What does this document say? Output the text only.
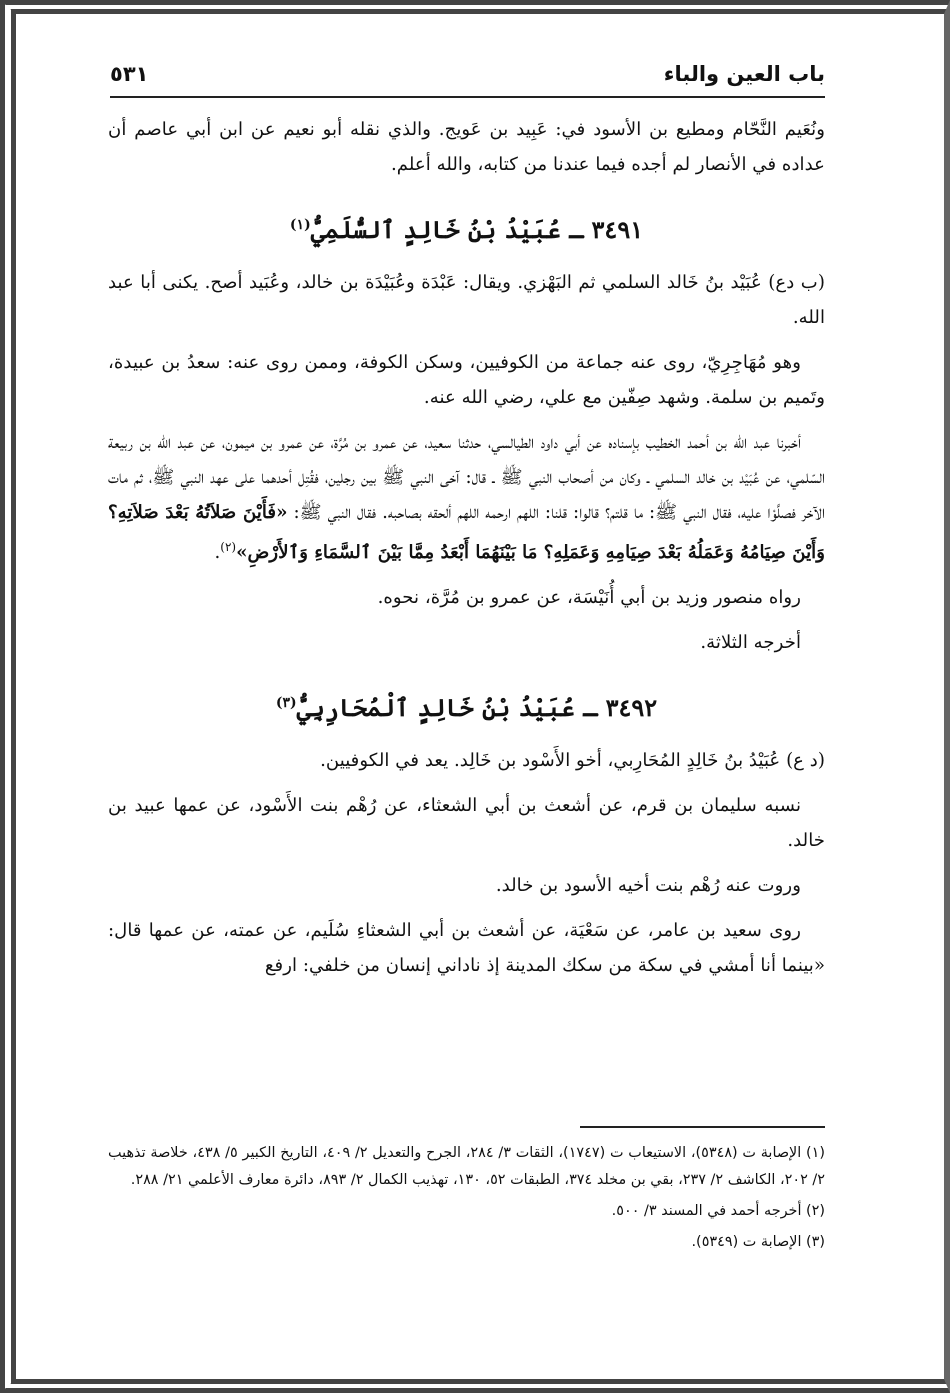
باب العين والباء
٥٣١

ونُعَيم النَّحّام ومطيع بن الأسود في: عَبِيد بن عَويج. والذي نقله أبو نعيم عن ابن أبي عاصم أن عداده في الأنصار لم أجده فيما عندنا من كتابه، والله أعلم.

٣٤٩١ ـ عُبَيْدُ بْنُ خَالِدٍ ٱلسُّلَمِيُّ$^{(١)}$

(ب دع) عُبَيْد بنُ خَالد السلمي ثم البَهْزي. ويقال: عَبْدَة وعُبَيْدَة بن خالد، وعُبَيد أصح. يكنى أبا عبد الله.

وهو مُهَاجِرِيّ، روى عنه جماعة من الكوفيين، وسكن الكوفة، وممن روى عنه: سعدُ بن عبيدة، وتَميم بن سلمة. وشهد صِفّين مع علي، رضي الله عنه.

أخبرنا عبد الله بن أحمد الخطيب بإسناده عن أبي داود الطيالسي، حدثنا سعيد، عن عمرو بن مُرَّة، عن عمرو بن ميمون، عن عبد الله بن ربيعة السّلمي، عن عُبَيْد بن خالد السلمي ـ وكان من أصحاب النبي ﷺ ـ قال: آخى النبي ﷺ بين رجلين، فقُتِل أحدهما على عهد النبي ﷺ، ثم مات الآخر فصلَّوْا عليه، فقال النبي ﷺ: ما قلتم؟ قالوا: قلنا: اللهم ارحمه اللهم ألحقه بصاحبه. فقال النبي ﷺ: «فَأَيْنَ صَلاَتُهُ بَعْدَ صَلاَتِهِ؟ وَأَيْنَ صِيَامُهُ وَعَمَلُهُ بَعْدَ صِيَامِهِ وَعَمَلِهِ؟ مَا بَيْنَهُمَا أَبْعَدُ مِمَّا بَيْنَ ٱلسَّمَاءِ وَٱلأَرْضِ»$^{(٢)}$.

رواه منصور وزيد بن أبي أُنَيْسَة، عن عمرو بن مُرَّة، نحوه.

أخرجه الثلاثة.

٣٤٩٢ ـ عُبَيْدُ بْنُ خَالِدٍ ٱلْمُحَارِبِيُّ$^{(٣)}$

(د ع) عُبَيْدُ بنُ خَالِدٍ المُحَارِبي، أخو الأَسْود بن خَالِد. يعد في الكوفيين.

نسبه سليمان بن قرم، عن أشعث بن أبي الشعثاء، عن رُهْم بنت الأَسْود، عن عمها عبيد بن خالد.

وروت عنه رُهْم بنت أخيه الأسود بن خالد.

روى سعيد بن عامر، عن سَعْيَة، عن أشعث بن أبي الشعثاءِ سُلَيم، عن عمته، عن عمها قال: «بينما أنا أمشي في سكة من سكك المدينة إذ ناداني إنسان من خلفي: ارفع

(١) الإصابة ت (٥٣٤٨)، الاستيعاب ت (١٧٤٧)، الثقات ٣/ ٢٨٤، الجرح والتعديل ٢/ ٤٠٩، التاريخ الكبير ٥/ ٤٣٨، خلاصة تذهيب ٢/ ٢٠٢، الكاشف ٢/ ٢٣٧، بقي بن مخلد ٣٧٤، الطبقات ٥٢، ١٣٠، تهذيب الكمال ٢/ ٨٩٣، دائرة معارف الأعلمي ٢١/ ٢٨٨.
(٢) أخرجه أحمد في المسند ٣/ ٥٠٠.
(٣) الإصابة ت (٥٣٤٩).
